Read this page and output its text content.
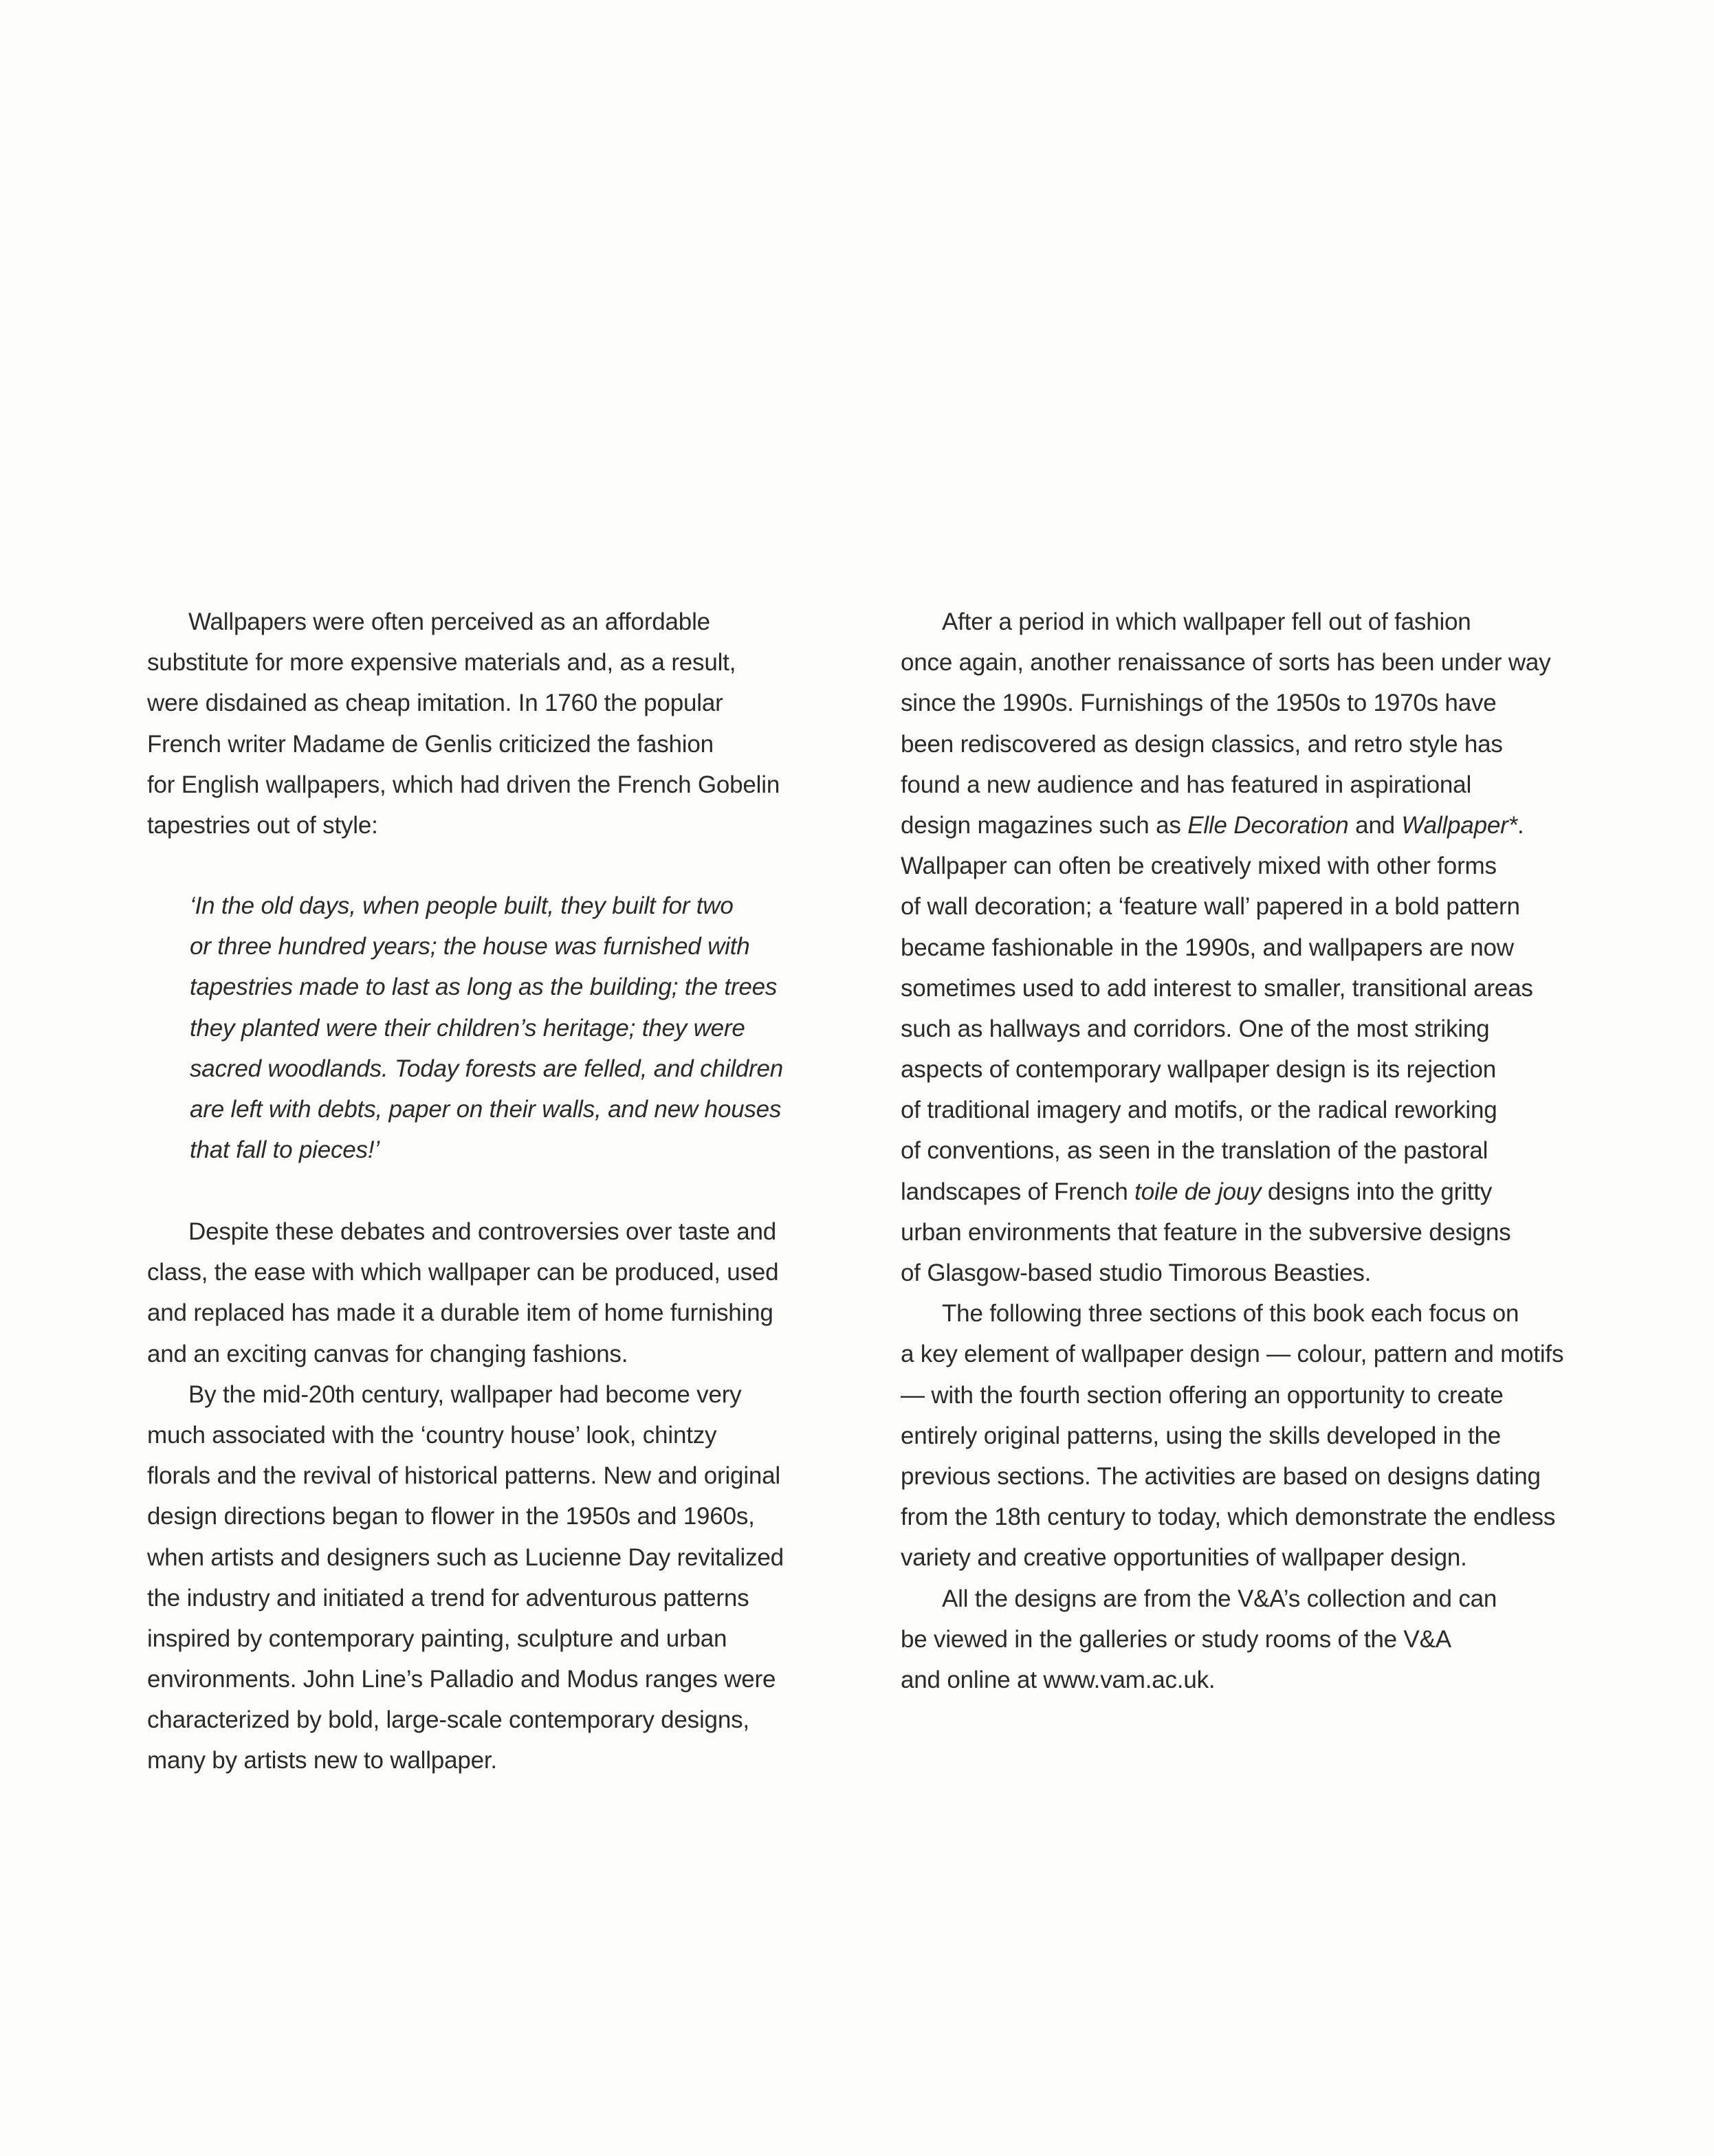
Wallpapers were often perceived as an affordable
substitute for more expensive materials and, as a result,
were disdained as cheap imitation. In 1760 the popular
French writer Madame de Genlis criticized the fashion
for English wallpapers, which had driven the French Gobelin
tapestries out of style:
‘In the old days, when people built, they built for two
or three hundred years; the house was furnished with
tapestries made to last as long as the building; the trees
they planted were their children’s heritage; they were
sacred woodlands. Today forests are felled, and children
are left with debts, paper on their walls, and new houses
that fall to pieces!’
Despite these debates and controversies over taste and
class, the ease with which wallpaper can be produced, used
and replaced has made it a durable item of home furnishing
and an exciting canvas for changing fashions.
By the mid-20th century, wallpaper had become very
much associated with the ‘country house’ look, chintzy
florals and the revival of historical patterns. New and original
design directions began to flower in the 1950s and 1960s,
when artists and designers such as Lucienne Day revitalized
the industry and initiated a trend for adventurous patterns
inspired by contemporary painting, sculpture and urban
environments. John Line’s Palladio and Modus ranges were
characterized by bold, large-scale contemporary designs,
many by artists new to wallpaper.
After a period in which wallpaper fell out of fashion
once again, another renaissance of sorts has been under way
since the 1990s. Furnishings of the 1950s to 1970s have
been rediscovered as design classics, and retro style has
found a new audience and has featured in aspirational
design magazines such as Elle Decoration and Wallpaper*.
Wallpaper can often be creatively mixed with other forms
of wall decoration; a ‘feature wall’ papered in a bold pattern
became fashionable in the 1990s, and wallpapers are now
sometimes used to add interest to smaller, transitional areas
such as hallways and corridors. One of the most striking
aspects of contemporary wallpaper design is its rejection
of traditional imagery and motifs, or the radical reworking
of conventions, as seen in the translation of the pastoral
landscapes of French toile de jouy designs into the gritty
urban environments that feature in the subversive designs
of Glasgow-based studio Timorous Beasties.
The following three sections of this book each focus on
a key element of wallpaper design — colour, pattern and motifs
— with the fourth section offering an opportunity to create
entirely original patterns, using the skills developed in the
previous sections. The activities are based on designs dating
from the 18th century to today, which demonstrate the endless
variety and creative opportunities of wallpaper design.
All the designs are from the V&A’s collection and can
be viewed in the galleries or study rooms of the V&A
and online at www.vam.ac.uk.
